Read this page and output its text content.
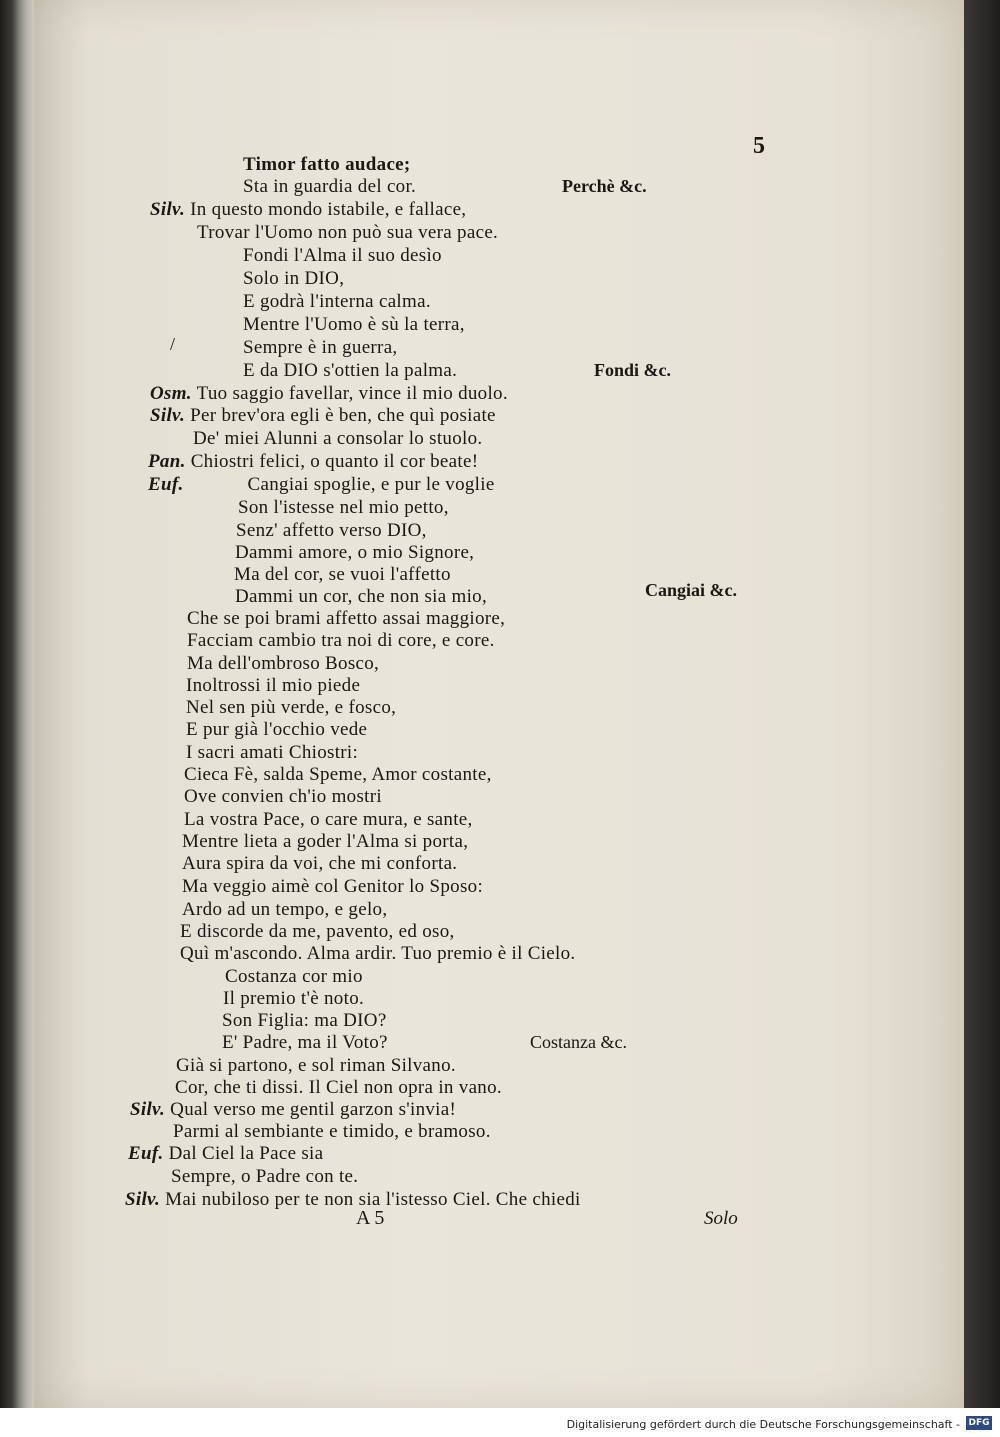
5
Timor fatto audace;
Sta in guardia del cor.
Silv. In questo mondo istabile, e fallace,
Trovar l'Uomo non può sua vera pace.
Fondi l'Alma il suo desìo
Solo in DIO,
E godrà l'interna calma.
Mentre l'Uomo è sù la terra,
Sempre è in guerra,
E da DIO s'ottien la palma.
Osm. Tuo saggio favellar, vince il mio duolo.
Silv. Per brev'ora egli è ben, che quì posiate
De' miei Alunni a consolar lo stuolo.
Pan. Chiostri felici, o quanto il cor beate!
Euf.	Cangiai spoglie, e pur le voglie
Son l'istesse nel mio petto,
Senz' affetto verso DIO,
Dammi amore, o mio Signore,
Ma del cor, se vuoi l'affetto
Dammi un cor, che non sia mio,
Che se poi brami affetto assai maggiore,
Facciam cambio tra noi di core, e core.
Ma dell'ombroso Bosco,
Inoltrossi il mio piede
Nel sen più verde, e fosco,
E pur già l'occhio vede
I sacri amati Chiostri:
Cieca Fè, salda Speme, Amor costante,
Ove convien ch'io mostri
La vostra Pace, o care mura, e sante,
Mentre lieta a goder l'Alma si porta,
Aura spira da voi, che mi conforta.
Ma veggio aimè col Genitor lo Sposo:
Ardo ad un tempo, e gelo,
E discorde da me, pavento, ed oso,
Quì m'ascondo. Alma ardir. Tuo premio è il Cielo.
Costanza cor mio
Il premio t'è noto.
Son Figlia: ma DIO?
E' Padre, ma il Voto?
Già si partono, e sol riman Silvano.
Cor, che ti dissi. Il Ciel non opra in vano.
Silv. Qual verso me gentil garzon s'invia!
Parmi al sembiante e timido, e bramoso.
Euf. Dal Ciel la Pace sia
Sempre, o Padre con te.
Silv. Mai nubiloso per te non sia l'istesso Ciel. Che chiedi
Perchè &c.
Fondi &c.
Cangiai &c.
Costanza &c.
/
A 5	Solo
Digitalisierung gefördert durch die Deutsche Forschungsgemeinschaft - DFG
